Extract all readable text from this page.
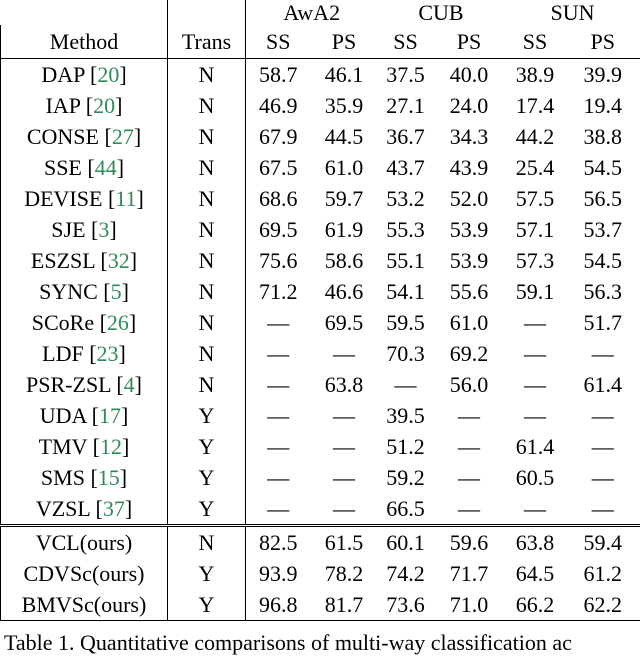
		AwA2		CUB		SUN	
Method	Trans	SS	PS	SS	PS	SS	PS
DAP [20]	N	58.7	46.1	37.5	40.0	38.9	39.9
IAP [20]	N	46.9	35.9	27.1	24.0	17.4	19.4
CONSE [27]	N	67.9	44.5	36.7	34.3	44.2	38.8
SSE [44]	N	67.5	61.0	43.7	43.9	25.4	54.5
DEVISE [11]	N	68.6	59.7	53.2	52.0	57.5	56.5
SJE [3]	N	69.5	61.9	55.3	53.9	57.1	53.7
ESZSL [32]	N	75.6	58.6	55.1	53.9	57.3	54.5
SYNC [5]	N	71.2	46.6	54.1	55.6	59.1	56.3
SCoRe [26]	N	—	69.5	59.5	61.0	—	51.7
LDF [23]	N	—	—	70.3	69.2	—	—
PSR-ZSL [4]	N	—	63.8	—	56.0	—	61.4
UDA [17]	Y	—	—	39.5	—	—	—
TMV [12]	Y	—	—	51.2	—	61.4	—
SMS [15]	Y	—	—	59.2	—	60.5	—
VZSL [37]	Y	—	—	66.5	—	—	—
VCL(ours)	N	82.5	61.5	60.1	59.6	63.8	59.4
CDVSc(ours)	Y	93.9	78.2	74.2	71.7	64.5	61.2
BMVSc(ours)	Y	96.8	81.7	73.6	71.0	66.2	62.2
Table 1. Quantitative comparisons of multi-way classification ac
